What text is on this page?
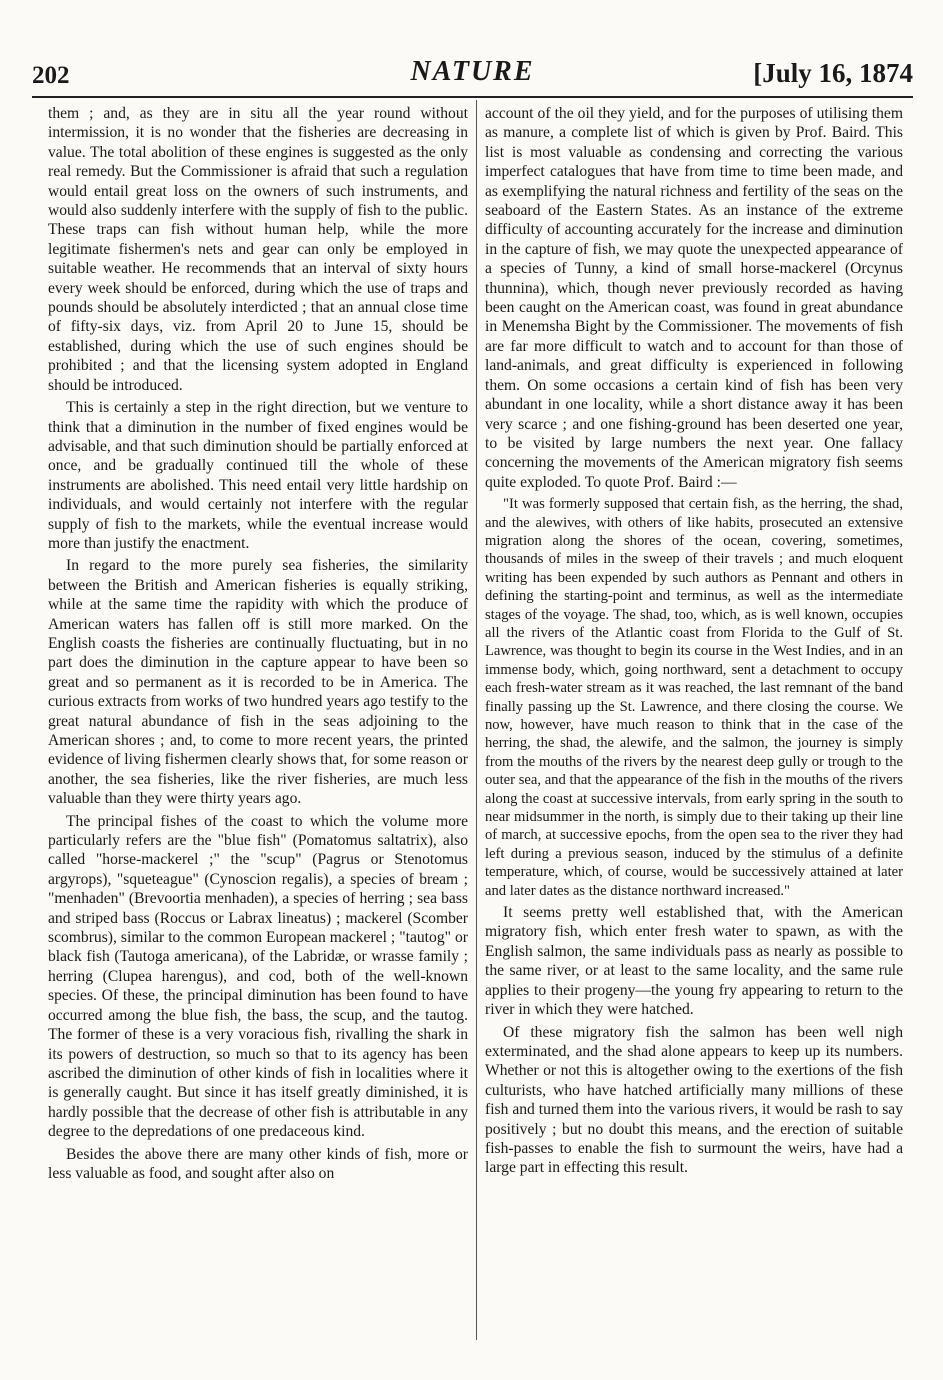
202	NATURE	[July 16, 1874

them ; and, as they are in situ all the year round without intermission, it is no wonder that the fisheries are decreasing in value. The total abolition of these engines is suggested as the only real remedy. But the Commissioner is afraid that such a regulation would entail great loss on the owners of such instruments, and would also suddenly interfere with the supply of fish to the public. These traps can fish without human help, while the more legitimate fishermen's nets and gear can only be employed in suitable weather. He recommends that an interval of sixty hours every week should be enforced, during which the use of traps and pounds should be absolutely interdicted ; that an annual close time of fifty-six days, viz. from April 20 to June 15, should be established, during which the use of such engines should be prohibited ; and that the licensing system adopted in England should be introduced.

This is certainly a step in the right direction, but we venture to think that a diminution in the number of fixed engines would be advisable, and that such diminution should be partially enforced at once, and be gradually continued till the whole of these instruments are abolished. This need entail very little hardship on individuals, and would certainly not interfere with the regular supply of fish to the markets, while the eventual increase would more than justify the enactment.

In regard to the more purely sea fisheries, the similarity between the British and American fisheries is equally striking, while at the same time the rapidity with which the produce of American waters has fallen off is still more marked. On the English coasts the fisheries are continually fluctuating, but in no part does the diminution in the capture appear to have been so great and so permanent as it is recorded to be in America. The curious extracts from works of two hundred years ago testify to the great natural abundance of fish in the seas adjoining to the American shores ; and, to come to more recent years, the printed evidence of living fishermen clearly shows that, for some reason or another, the sea fisheries, like the river fisheries, are much less valuable than they were thirty years ago.

The principal fishes of the coast to which the volume more particularly refers are the "blue fish" (Pomatomus saltatrix), also called "horse-mackerel ;" the "scup" (Pagrus or Stenotomus argyrops), "squeteague" (Cynoscion regalis), a species of bream ; "menhaden" (Brevoortia menhaden), a species of herring ; sea bass and striped bass (Roccus or Labrax lineatus) ; mackerel (Scomber scombrus), similar to the common European mackerel ; "tautog" or black fish (Tautoga americana), of the Labridæ, or wrasse family ; herring (Clupea harengus), and cod, both of the well-known species. Of these, the principal diminution has been found to have occurred among the blue fish, the bass, the scup, and the tautog. The former of these is a very voracious fish, rivalling the shark in its powers of destruction, so much so that to its agency has been ascribed the diminution of other kinds of fish in localities where it is generally caught. But since it has itself greatly diminished, it is hardly possible that the decrease of other fish is attributable in any degree to the depredations of one predaceous kind.

Besides the above there are many other kinds of fish, more or less valuable as food, and sought after also on

account of the oil they yield, and for the purposes of utilising them as manure, a complete list of which is given by Prof. Baird. This list is most valuable as condensing and correcting the various imperfect catalogues that have from time to time been made, and as exemplifying the natural richness and fertility of the seas on the seaboard of the Eastern States. As an instance of the extreme difficulty of accounting accurately for the increase and diminution in the capture of fish, we may quote the unexpected appearance of a species of Tunny, a kind of small horse-mackerel (Orcynus thunnina), which, though never previously recorded as having been caught on the American coast, was found in great abundance in Menemsha Bight by the Commissioner. The movements of fish are far more difficult to watch and to account for than those of land-animals, and great difficulty is experienced in following them. On some occasions a certain kind of fish has been very abundant in one locality, while a short distance away it has been very scarce ; and one fishing-ground has been deserted one year, to be visited by large numbers the next year. One fallacy concerning the movements of the American migratory fish seems quite exploded. To quote Prof. Baird :—

"It was formerly supposed that certain fish, as the herring, the shad, and the alewives, with others of like habits, prosecuted an extensive migration along the shores of the ocean, covering, sometimes, thousands of miles in the sweep of their travels ; and much eloquent writing has been expended by such authors as Pennant and others in defining the starting-point and terminus, as well as the intermediate stages of the voyage. The shad, too, which, as is well known, occupies all the rivers of the Atlantic coast from Florida to the Gulf of St. Lawrence, was thought to begin its course in the West Indies, and in an immense body, which, going northward, sent a detachment to occupy each fresh-water stream as it was reached, the last remnant of the band finally passing up the St. Lawrence, and there closing the course. We now, however, have much reason to think that in the case of the herring, the shad, the alewife, and the salmon, the journey is simply from the mouths of the rivers by the nearest deep gully or trough to the outer sea, and that the appearance of the fish in the mouths of the rivers along the coast at successive intervals, from early spring in the south to near midsummer in the north, is simply due to their taking up their line of march, at successive epochs, from the open sea to the river they had left during a previous season, induced by the stimulus of a definite temperature, which, of course, would be successively attained at later and later dates as the distance northward increased."

It seems pretty well established that, with the American migratory fish, which enter fresh water to spawn, as with the English salmon, the same individuals pass as nearly as possible to the same river, or at least to the same locality, and the same rule applies to their progeny—the young fry appearing to return to the river in which they were hatched.

Of these migratory fish the salmon has been well nigh exterminated, and the shad alone appears to keep up its numbers. Whether or not this is altogether owing to the exertions of the fish culturists, who have hatched artificially many millions of these fish and turned them into the various rivers, it would be rash to say positively ; but no doubt this means, and the erection of suitable fish-passes to enable the fish to surmount the weirs, have had a large part in effecting this result.
